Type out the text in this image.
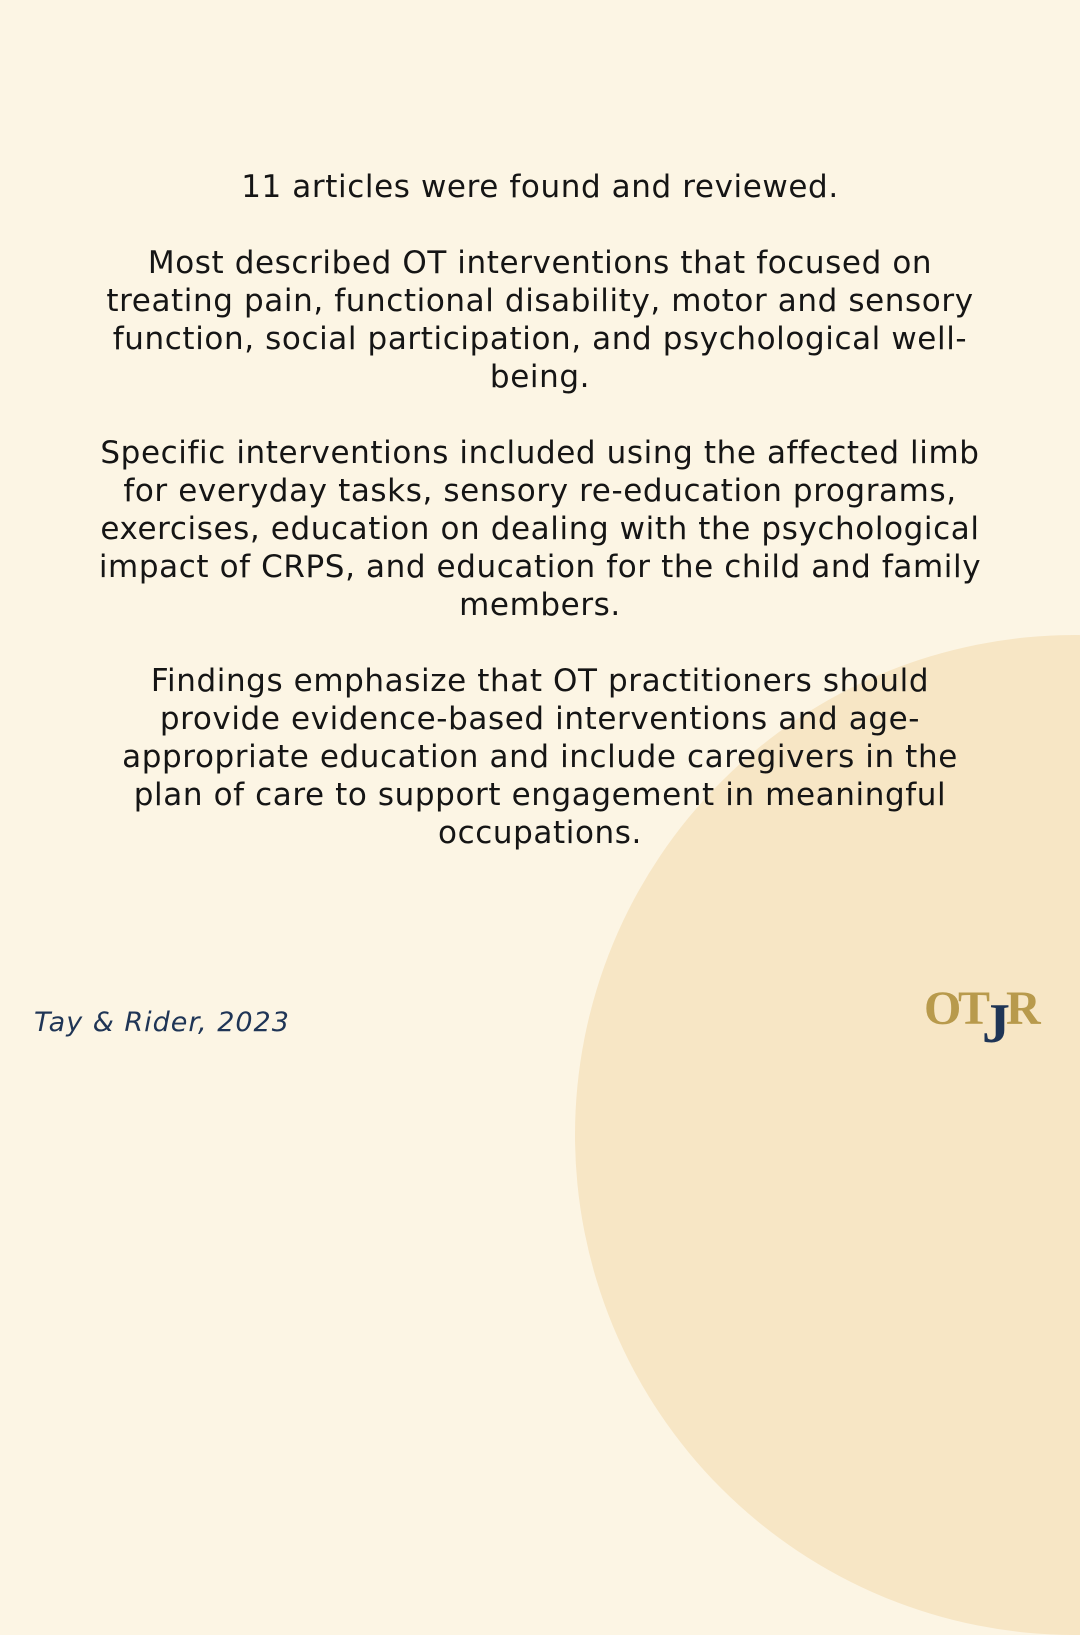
11 articles were found and reviewed.

Most described OT interventions that focused on treating pain, functional disability, motor and sensory function, social participation, and psychological well-being.

Specific interventions included using the affected limb for everyday tasks, sensory re-education programs, exercises, education on dealing with the psychological impact of CRPS, and education for the child and family members.

Findings emphasize that OT practitioners should provide evidence-based interventions and age-appropriate education and include caregivers in the plan of care to support engagement in meaningful occupations.

Tay & Rider, 2023	O
T
J
R
